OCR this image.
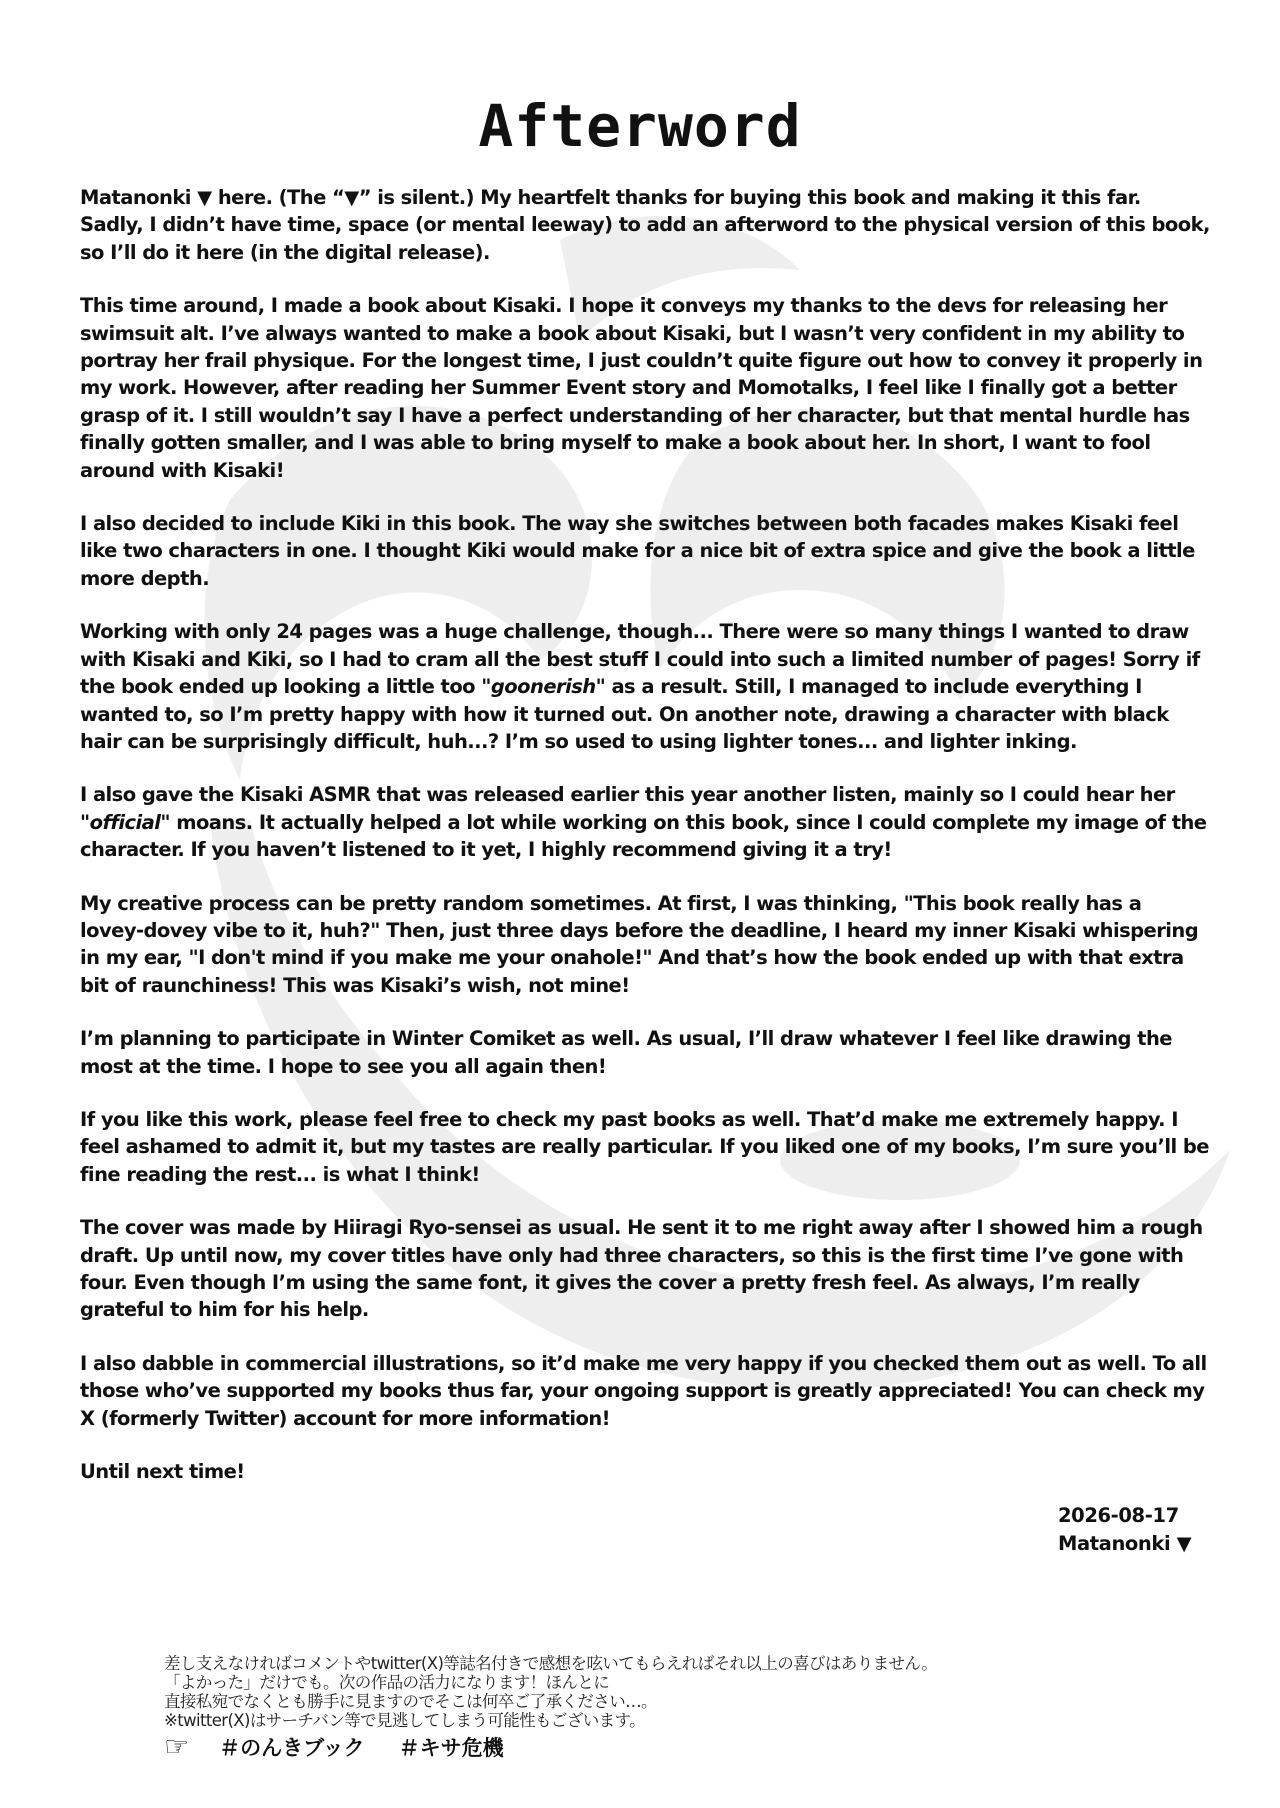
Afterword

Matanonki ▼ here. (The “▼” is silent.) My heartfelt thanks for buying this book and making it this far. Sadly, I didn’t have time, space (or mental leeway) to add an afterword to the physical version of this book, so I’ll do it here (in the digital release).

This time around, I made a book about Kisaki. I hope it conveys my thanks to the devs for releasing her swimsuit alt. I’ve always wanted to make a book about Kisaki, but I wasn’t very confident in my ability to portray her frail physique. For the longest time, I just couldn’t quite figure out how to convey it properly in my work. However, after reading her Summer Event story and Momotalks, I feel like I finally got a better grasp of it. I still wouldn’t say I have a perfect understanding of her character, but that mental hurdle has finally gotten smaller, and I was able to bring myself to make a book about her. In short, I want to fool around with Kisaki!

I also decided to include Kiki in this book. The way she switches between both facades makes Kisaki feel like two characters in one. I thought Kiki would make for a nice bit of extra spice and give the book a little more depth.

Working with only 24 pages was a huge challenge, though... There were so many things I wanted to draw with Kisaki and Kiki, so I had to cram all the best stuff I could into such a limited number of pages! Sorry if the book ended up looking a little too "goonerish" as a result. Still, I managed to include everything I wanted to, so I’m pretty happy with how it turned out. On another note, drawing a character with black hair can be surprisingly difficult, huh...? I’m so used to using lighter tones... and lighter inking.

I also gave the Kisaki ASMR that was released earlier this year another listen, mainly so I could hear her "official" moans. It actually helped a lot while working on this book, since I could complete my image of the character. If you haven’t listened to it yet, I highly recommend giving it a try!

My creative process can be pretty random sometimes. At first, I was thinking, "This book really has a lovey-dovey vibe to it, huh?" Then, just three days before the deadline, I heard my inner Kisaki whispering in my ear, "I don't mind if you make me your onahole!" And that’s how the book ended up with that extra bit of raunchiness! This was Kisaki’s wish, not mine!

I’m planning to participate in Winter Comiket as well. As usual, I’ll draw whatever I feel like drawing the most at the time. I hope to see you all again then!

If you like this work, please feel free to check my past books as well. That’d make me extremely happy. I feel ashamed to admit it, but my tastes are really particular. If you liked one of my books, I’m sure you’ll be fine reading the rest... is what I think!

The cover was made by Hiiragi Ryo-sensei as usual. He sent it to me right away after I showed him a rough draft. Up until now, my cover titles have only had three characters, so this is the first time I’ve gone with four. Even though I’m using the same font, it gives the cover a pretty fresh feel. As always, I’m really grateful to him for his help.

I also dabble in commercial illustrations, so it’d make me very happy if you checked them out as well. To all those who’ve supported my books thus far, your ongoing support is greatly appreciated! You can check my X (formerly Twitter) account for more information!

Until next time!

2026-08-17
Matanonki ▼
差し支えなければコメントやtwitter(X)等誌名付きで感想を呟いてもらえればそれ以上の喜びはありません。
「よかった」だけでも。次の作品の活力になります！ほんとに
直接私宛でなくとも勝手に見ますのでそこは何卒ご了承ください…。
※twitter(X)はサーチバン等で見逃してしまう可能性もございます。
☞ ＃のんきブック ＃キサ危機
